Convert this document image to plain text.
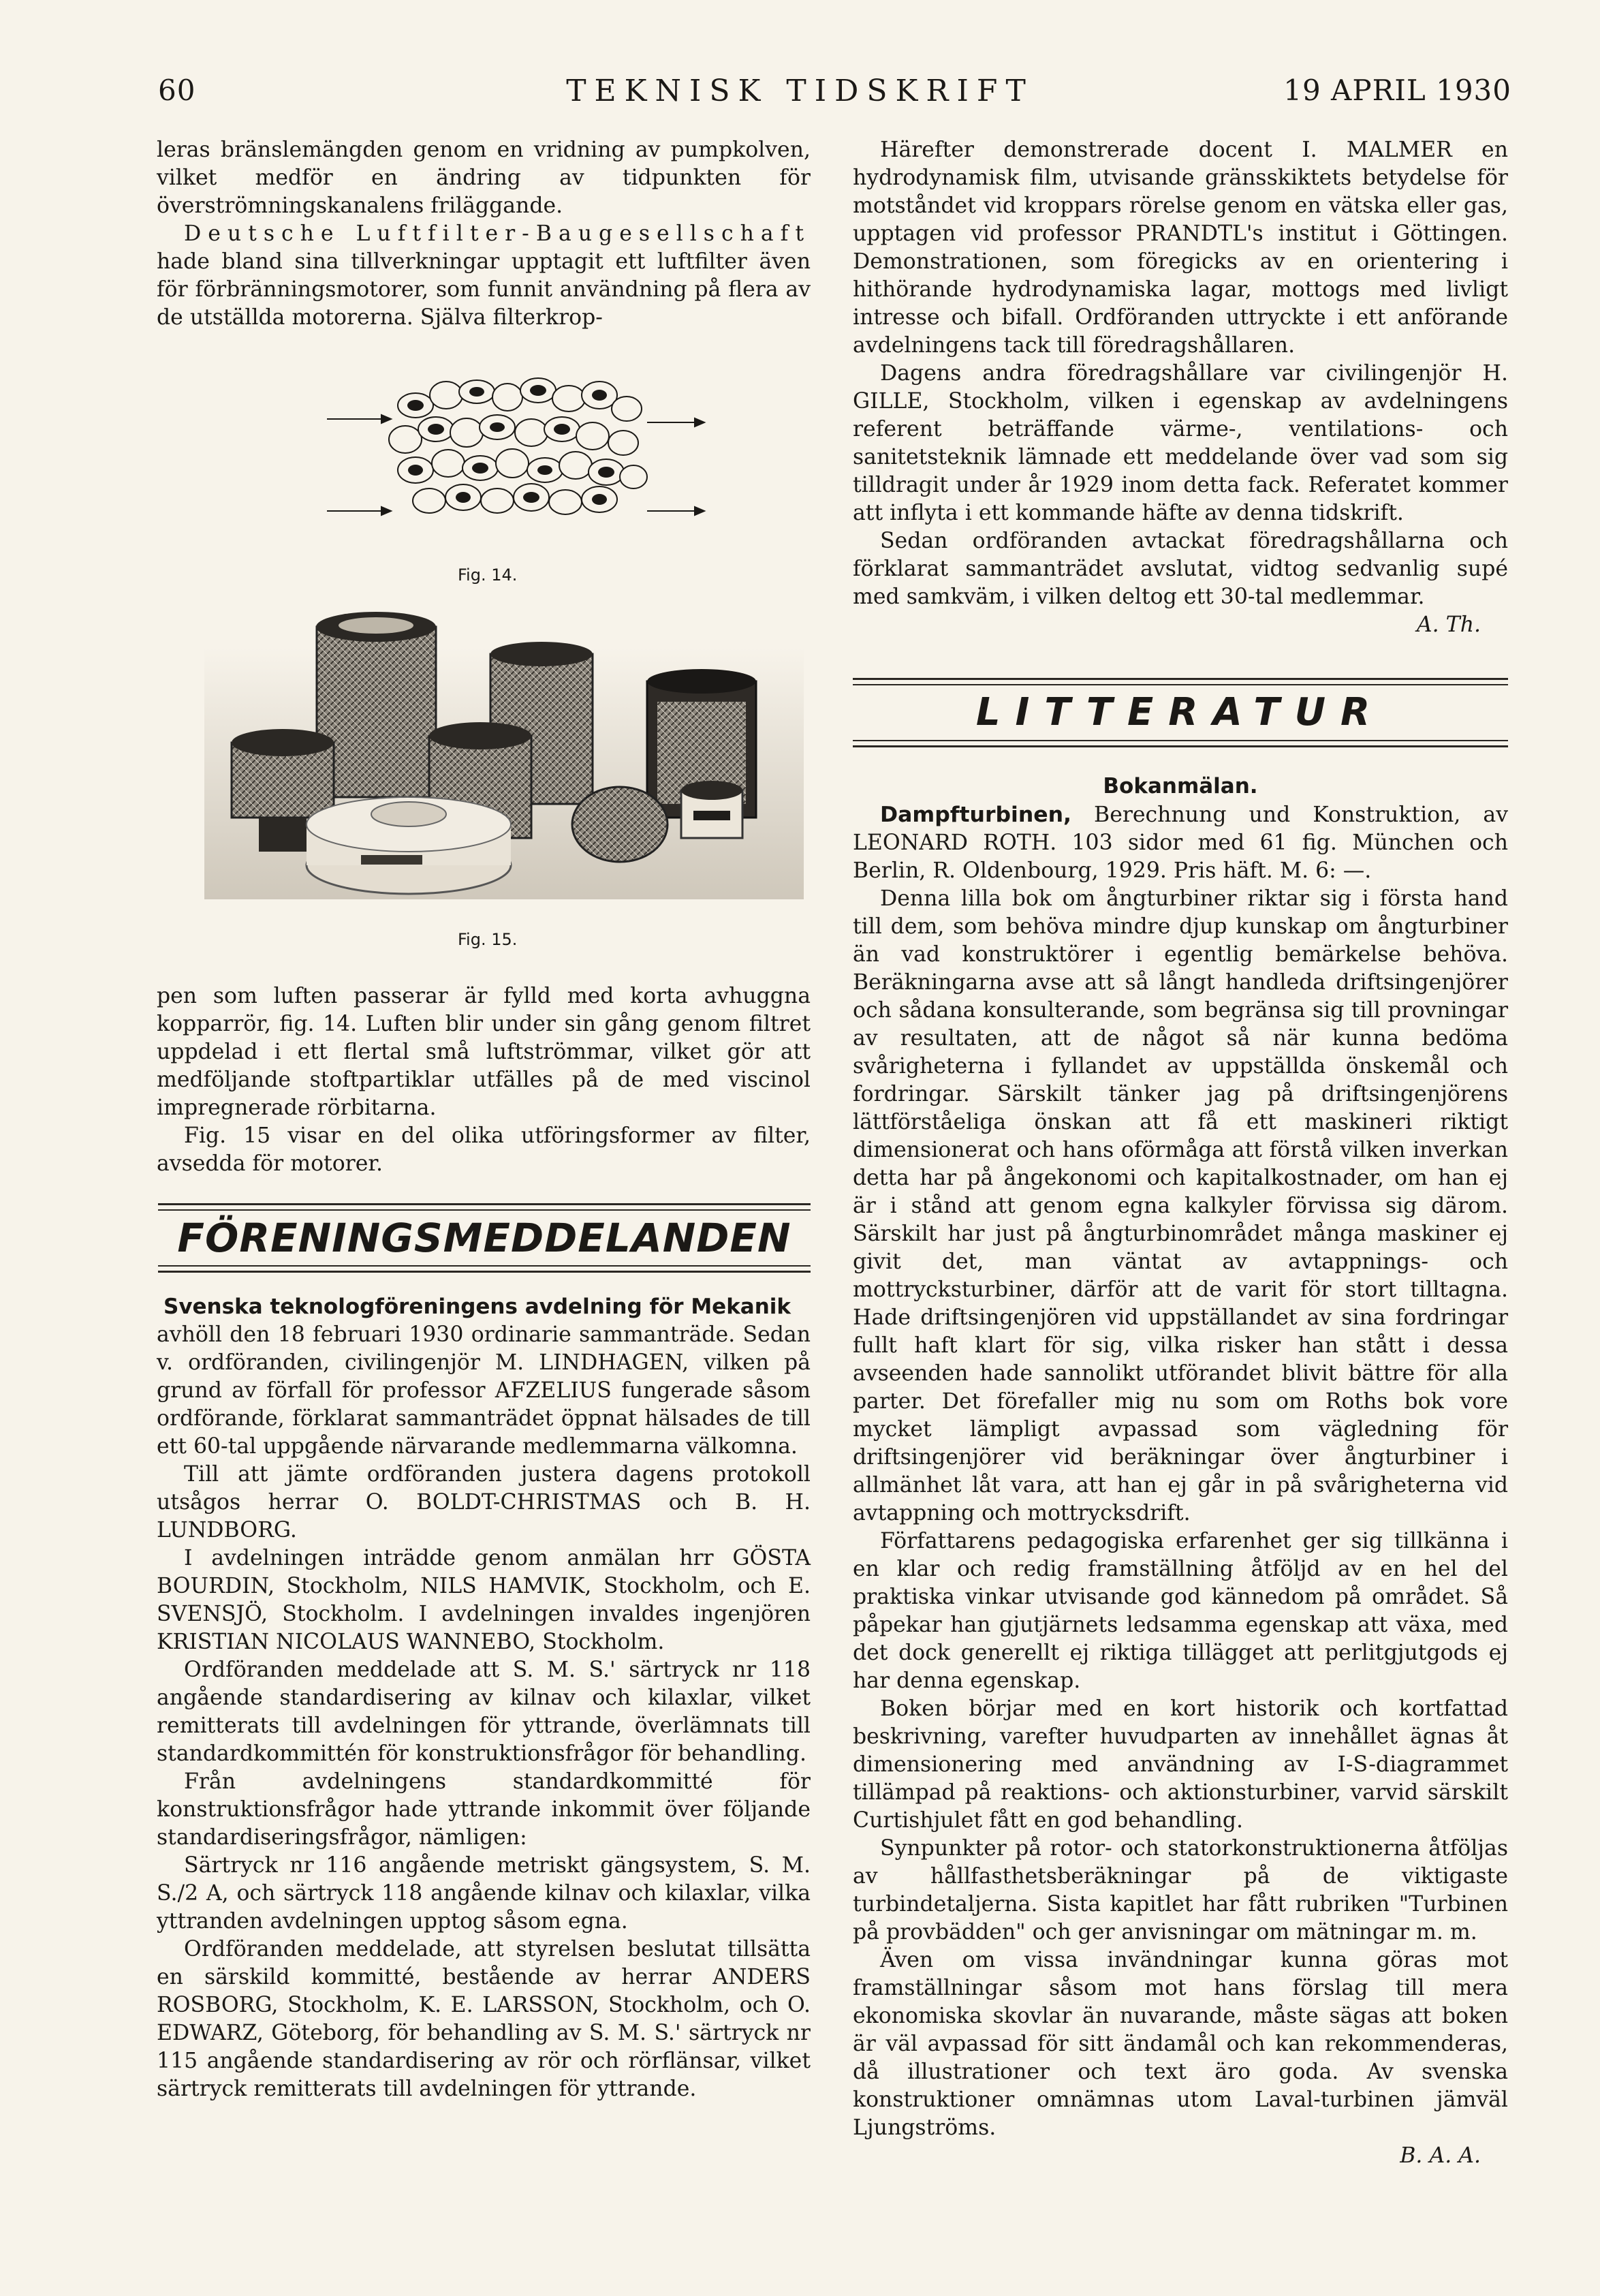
60	TEKNISK TIDSKRIFT	19 APRIL 1930

leras bränslemängden genom en vridning av pumpkolven, vilket medför en ändring av tidpunkten för överströmningskanalens friläggande.

Deutsche Luftfilter-Baugesellschaft hade bland sina tillverkningar upptagit ett luftfilter även för förbränningsmotorer, som funnit användning på flera av de utställda motorerna. Själva filterkrop-

Fig. 14.
Fig. 15.

pen som luften passerar är fylld med korta avhuggna kopparrör, fig. 14. Luften blir under sin gång genom filtret uppdelad i ett flertal små luftströmmar, vilket gör att medföljande stoftpartiklar utfälles på de med viscinol impregnerade rörbitarna.

Fig. 15 visar en del olika utföringsformer av filter, avsedda för motorer.

FÖRENINGSMEDDELANDEN

Svenska teknologföreningens avdelning för Mekanik

avhöll den 18 februari 1930 ordinarie sammanträde. Sedan v. ordföranden, civilingenjör M. LINDHAGEN, vilken på grund av förfall för professor AFZELIUS fungerade såsom ordförande, förklarat sammanträdet öppnat hälsades de till ett 60-tal uppgående närvarande medlemmarna välkomna.

Till att jämte ordföranden justera dagens protokoll utsågos herrar O. BOLDT-CHRISTMAS och B. H. LUNDBORG.

I avdelningen inträdde genom anmälan hrr GÖSTA BOURDIN, Stockholm, NILS HAMVIK, Stockholm, och E. SVENSJÖ, Stockholm. I avdelningen invaldes ingenjören KRISTIAN NICOLAUS WANNEBO, Stockholm.

Ordföranden meddelade att S. M. S.' särtryck nr 118 angående standardisering av kilnav och kilaxlar, vilket remitterats till avdelningen för yttrande, överlämnats till standardkommittén för konstruktionsfrågor för behandling.

Från avdelningens standardkommitté för konstruktionsfrågor hade yttrande inkommit över följande standardiseringsfrågor, nämligen:

Särtryck nr 116 angående metriskt gängsystem, S. M. S./2 A, och särtryck 118 angående kilnav och kilaxlar, vilka yttranden avdelningen upptog såsom egna.

Ordföranden meddelade, att styrelsen beslutat tillsätta en särskild kommitté, bestående av herrar ANDERS ROSBORG, Stockholm, K. E. LARSSON, Stockholm, och O. EDWARZ, Göteborg, för behandling av S. M. S.' särtryck nr 115 angående standardisering av rör och rörflänsar, vilket särtryck remitterats till avdelningen för yttrande.

Härefter demonstrerade docent I. MALMER en hydrodynamisk film, utvisande gränsskiktets betydelse för motståndet vid kroppars rörelse genom en vätska eller gas, upptagen vid professor PRANDTL's institut i Göttingen. Demonstrationen, som föregicks av en orientering i hithörande hydrodynamiska lagar, mottogs med livligt intresse och bifall. Ordföranden uttryckte i ett anförande avdelningens tack till föredragshållaren.

Dagens andra föredragshållare var civilingenjör H. GILLE, Stockholm, vilken i egenskap av avdelningens referent beträffande värme-, ventilations- och sanitetsteknik lämnade ett meddelande över vad som sig tilldragit under år 1929 inom detta fack. Referatet kommer att inflyta i ett kommande häfte av denna tidskrift.

Sedan ordföranden avtackat föredragshållarna och förklarat sammanträdet avslutat, vidtog sedvanlig supé med samkväm, i vilken deltog ett 30-tal medlemmar.

A. Th.
LITTERATUR
Bokanmälan.

Dampfturbinen, Berechnung und Konstruktion, av LEONARD ROTH. 103 sidor med 61 fig. München och Berlin, R. Oldenbourg, 1929. Pris häft. M. 6: —.

Denna lilla bok om ångturbiner riktar sig i första hand till dem, som behöva mindre djup kunskap om ångturbiner än vad konstruktörer i egentlig bemärkelse behöva. Beräkningarna avse att så långt handleda driftsingenjörer och sådana konsulterande, som begränsa sig till provningar av resultaten, att de något så när kunna bedöma svårigheterna i fyllandet av uppställda önskemål och fordringar. Särskilt tänker jag på driftsingenjörens lättförståeliga önskan att få ett maskineri riktigt dimensionerat och hans oförmåga att förstå vilken inverkan detta har på ångekonomi och kapitalkostnader, om han ej är i stånd att genom egna kalkyler förvissa sig därom. Särskilt har just på ångturbinområdet många maskiner ej givit det, man väntat av avtappnings- och mottrycksturbiner, därför att de varit för stort tilltagna. Hade driftsingenjören vid uppställandet av sina fordringar fullt haft klart för sig, vilka risker han stått i dessa avseenden hade sannolikt utförandet blivit bättre för alla parter. Det förefaller mig nu som om Roths bok vore mycket lämpligt avpassad som vägledning för driftsingenjörer vid beräkningar över ångturbiner i allmänhet låt vara, att han ej går in på svårigheterna vid avtappning och mottrycksdrift.

Författarens pedagogiska erfarenhet ger sig tillkänna i en klar och redig framställning åtföljd av en hel del praktiska vinkar utvisande god kännedom på området. Så påpekar han gjutjärnets ledsamma egenskap att växa, med det dock generellt ej riktiga tillägget att perlitgjutgods ej har denna egenskap.

Boken börjar med en kort historik och kortfattad beskrivning, varefter huvudparten av innehållet ägnas åt dimensionering med användning av I-S-diagrammet tillämpad på reaktions- och aktionsturbiner, varvid särskilt Curtishjulet fått en god behandling.

Synpunkter på rotor- och statorkonstruktionerna åtföljas av hållfasthetsberäkningar på de viktigaste turbindetaljerna. Sista kapitlet har fått rubriken "Turbinen på provbädden" och ger anvisningar om mätningar m. m.

Även om vissa invändningar kunna göras mot framställningar såsom mot hans förslag till mera ekonomiska skovlar än nuvarande, måste sägas att boken är väl avpassad för sitt ändamål och kan rekommenderas, då illustrationer och text äro goda. Av svenska konstruktioner omnämnas utom Laval-turbinen jämväl Ljungströms.

B. A. A.
